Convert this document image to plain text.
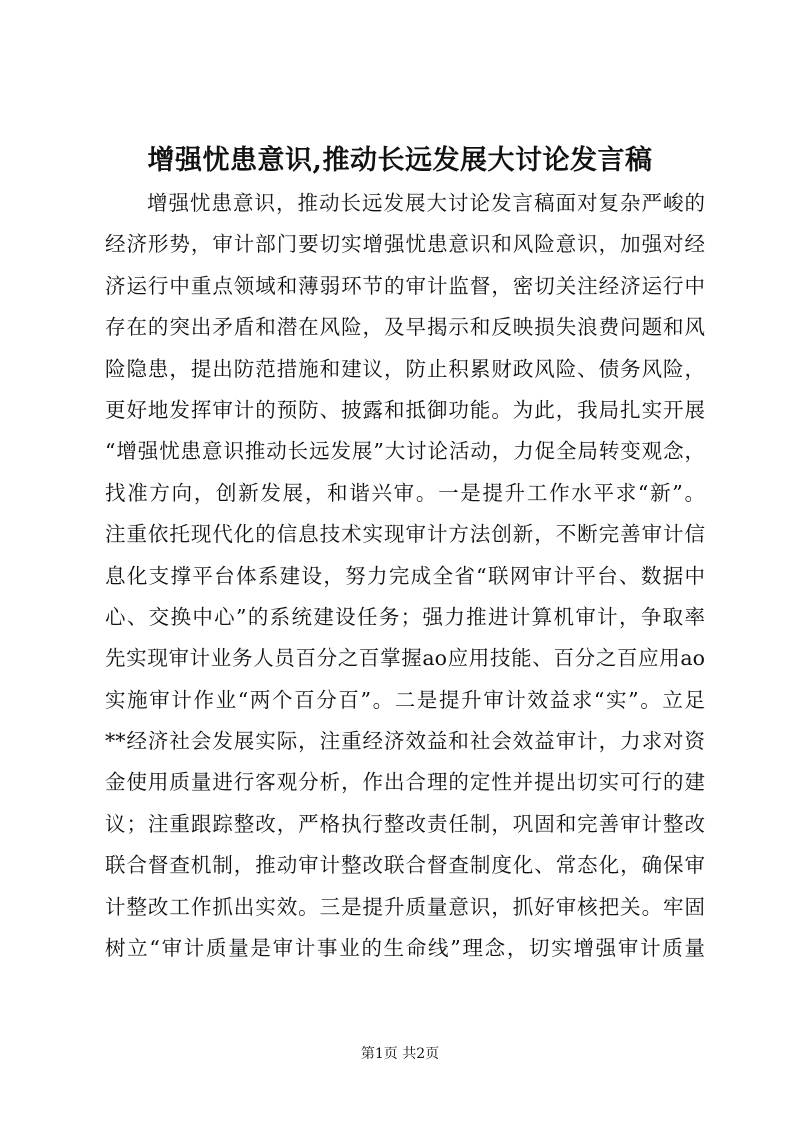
增强忧患意识,推动长远发展大讨论发言稿
增强忧患意识，推动长远发展大讨论发言稿面对复杂严峻的
经济形势，审计部门要切实增强忧患意识和风险意识，加强对经
济运行中重点领域和薄弱环节的审计监督，密切关注经济运行中
存在的突出矛盾和潜在风险，及早揭示和反映损失浪费问题和风
险隐患，提出防范措施和建议，防止积累财政风险、债务风险，
更好地发挥审计的预防、披露和抵御功能。为此，我局扎实开展
“增强忧患意识推动长远发展”大讨论活动，力促全局转变观念，
找准方向，创新发展，和谐兴审。一是提升工作水平求“新”。
注重依托现代化的信息技术实现审计方法创新，不断完善审计信
息化支撑平台体系建设，努力完成全省“联网审计平台、数据中
心、交换中心”的系统建设任务；强力推进计算机审计，争取率
先实现审计业务人员百分之百掌握ao应用技能、百分之百应用ao
实施审计作业“两个百分百”。二是提升审计效益求“实”。立足
**经济社会发展实际，注重经济效益和社会效益审计，力求对资
金使用质量进行客观分析，作出合理的定性并提出切实可行的建
议；注重跟踪整改，严格执行整改责任制，巩固和完善审计整改
联合督查机制，推动审计整改联合督查制度化、常态化，确保审
计整改工作抓出实效。三是提升质量意识，抓好审核把关。牢固
树立“审计质量是审计事业的生命线”理念，切实增强审计质量
第1页 共2页
